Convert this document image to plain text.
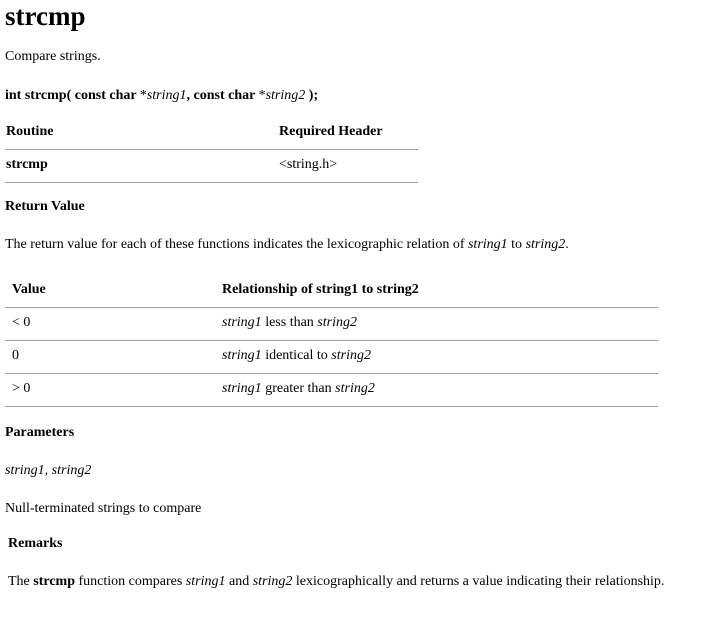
strcmp
Compare strings.
int strcmp( const char *string1, const char *string2 );
Routine	Required Header
strcmp	<string.h>
Return Value
The return value for each of these functions indicates the lexicographic relation of string1 to string2.
Value	Relationship of string1 to string2
< 0	string1 less than string2
0	string1 identical to string2
> 0	string1 greater than string2
Parameters
string1, string2
Null-terminated strings to compare
Remarks
The strcmp function compares string1 and string2 lexicographically and returns a value indicating their relationship.
